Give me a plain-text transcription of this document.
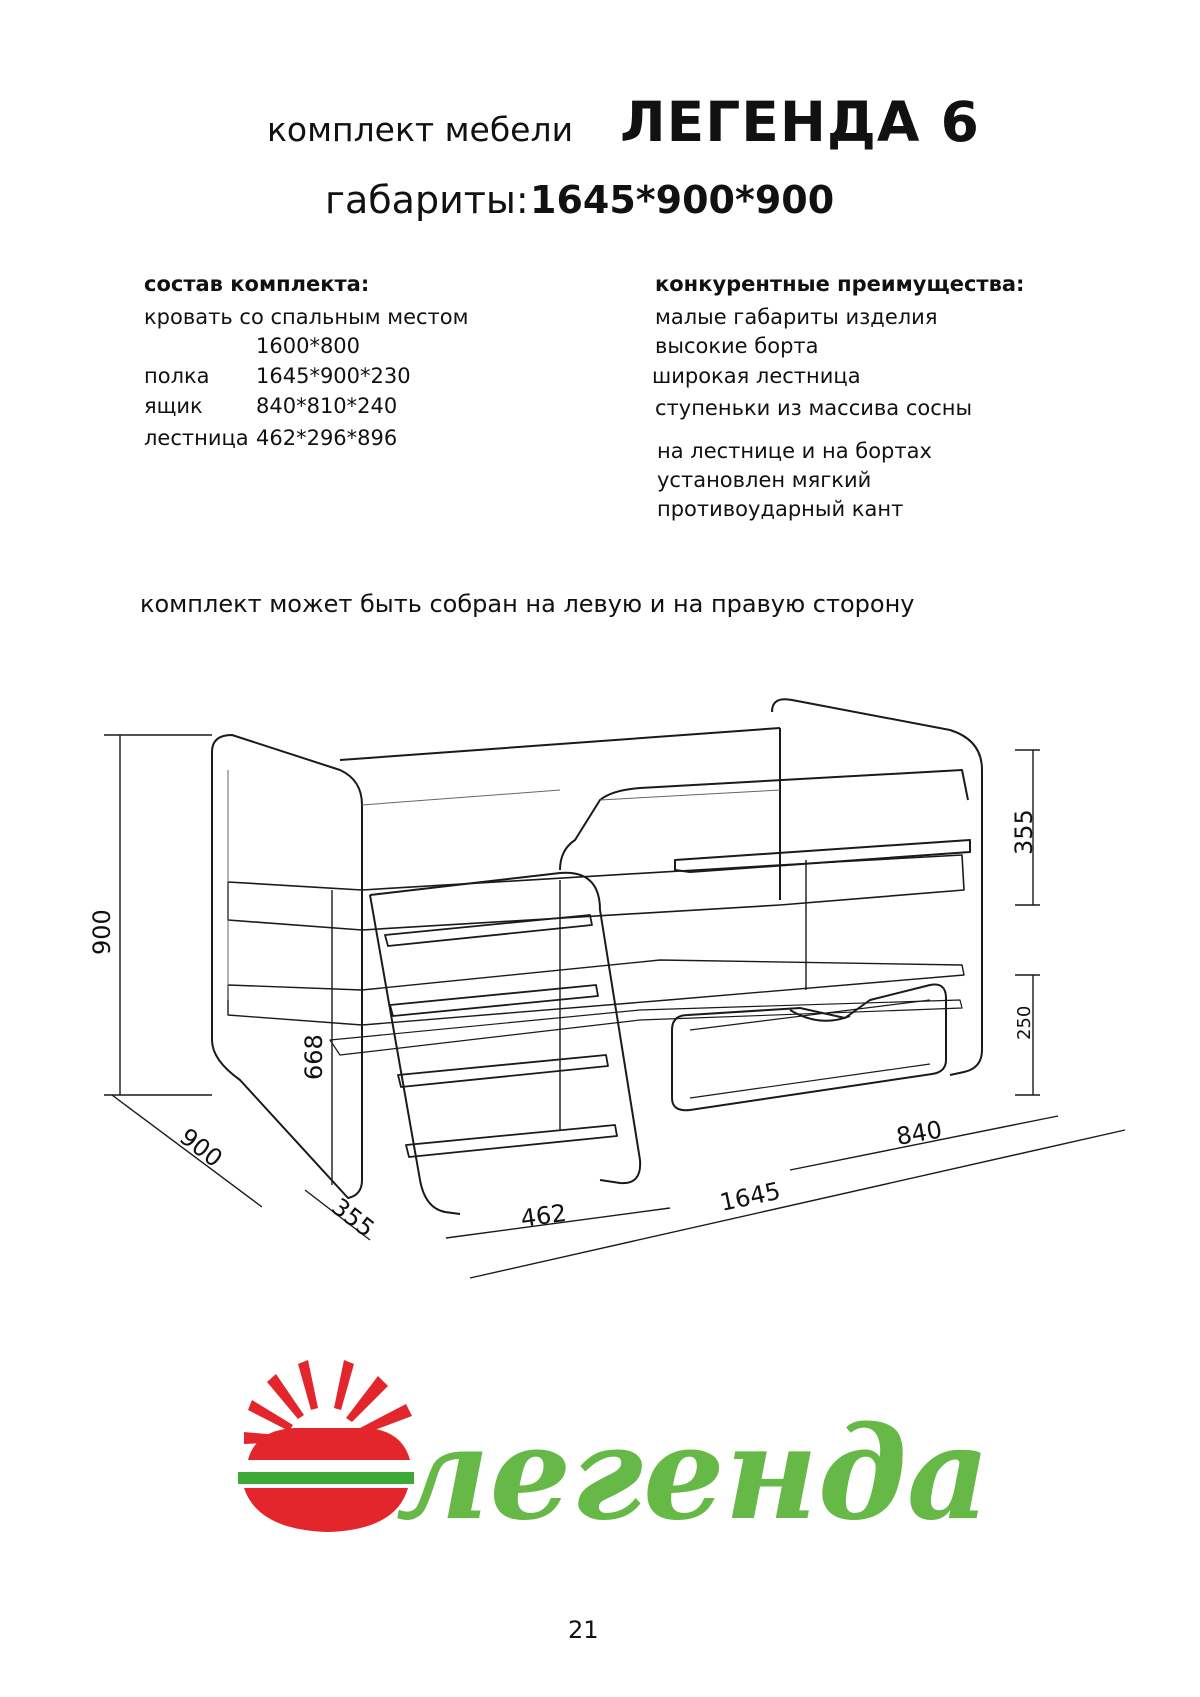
комплект мебели ЛЕГЕНДА 6
габариты: 1645*900*900
состав комплекта:
кровать со спальным местом
1600*800
полка 1645*900*230
ящик	840*810*240
лестница 462*296*896
конкурентные преимущества:
малые габариты изделия
высокие борта
широкая лестница
ступеньки из массива сосны
на лестнице и на бортах
установлен мягкий
противоударный кант
комплект может быть собран на левую и на правую сторону
900
668
900
355	462	1645
840
355
250
легенда
21
